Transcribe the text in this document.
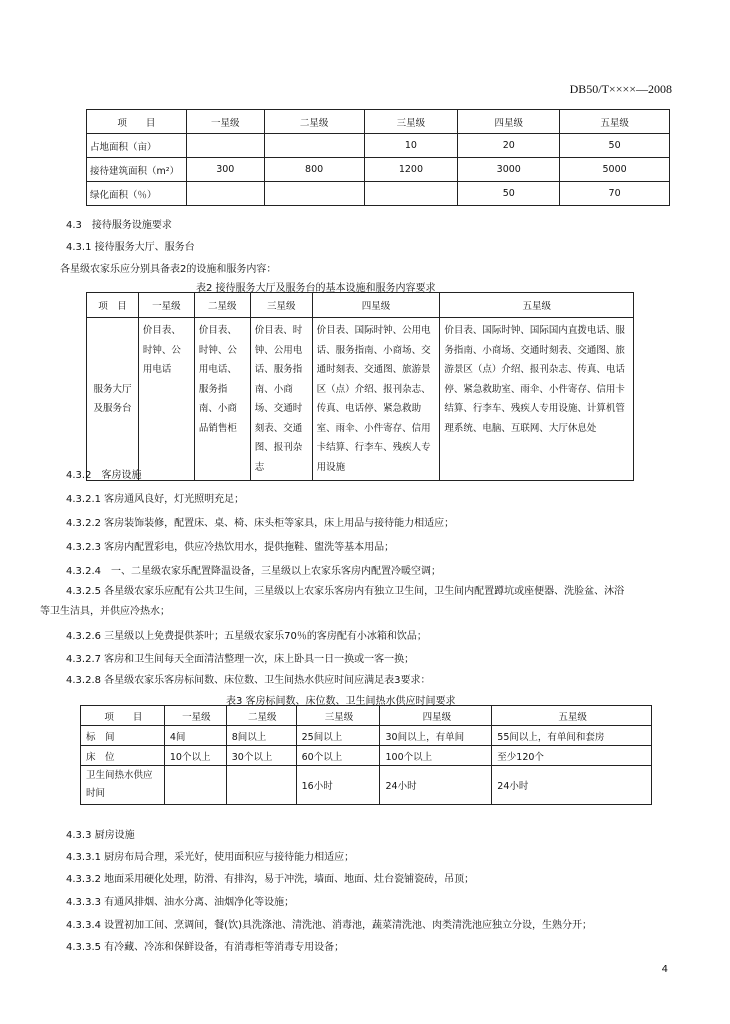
DB50/T××××—2008
项　　目	一星级	二星级	三星级	四星级	五星级
占地面积（亩）			10	20	50
接待建筑面积（m²）	300	800	1200	3000	5000
绿化面积（％）				50	70
4.3　接待服务设施要求
4.3.1 接待服务大厅、服务台
各星级农家乐应分别具备表2的设施和服务内容：
表2 接待服务大厅及服务台的基本设施和服务内容要求
项　目	一星级	二星级	三星级	四星级	五星级
服务大厅及服务台	价目表、时钟、公用电话	价目表、时钟、公用电话、服务指南、小商品销售柜	价目表、时钟、公用电话、服务指南、小商场、交通时刻表、交通图、报刊杂志	价目表、国际时钟、公用电话、服务指南、小商场、交通时刻表、交通图、旅游景区（点）介绍、报刊杂志、传真、电话停、紧急救助室、雨伞、小件寄存、信用卡结算、行李车、残疾人专用设施	价目表、国际时钟、国际国内直拨电话、服务指南、小商场、交通时刻表、交通图、旅游景区（点）介绍、报刊杂志、传真、电话停、紧急救助室、雨伞、小件寄存、信用卡结算、行李车、残疾人专用设施、计算机管理系统、电脑、互联网、大厅休息处
4.3.2　客房设施
4.3.2.1 客房通风良好，灯光照明充足；
4.3.2.2 客房装饰装修，配置床、桌、椅、床头柜等家具，床上用品与接待能力相适应；
4.3.2.3 客房内配置彩电，供应冷热饮用水，提供拖鞋、盥洗等基本用品；
4.3.2.4　一、二星级农家乐配置降温设备，三星级以上农家乐客房内配置冷暖空调；
4.3.2.5 各星级农家乐应配有公共卫生间，三星级以上农家乐客房内有独立卫生间，卫生间内配置蹲坑或座便器、洗脸盆、沐浴
等卫生洁具，并供应冷热水；
4.3.2.6 三星级以上免费提供茶叶；五星级农家乐70％的客房配有小冰箱和饮品；
4.3.2.7 客房和卫生间每天全面清洁整理一次，床上卧具一日一换或一客一换；
4.3.2.8 各星级农家乐客房标间数、床位数、卫生间热水供应时间应满足表3要求：
表3 客房标间数、床位数、卫生间热水供应时间要求
项　　目	一星级	二星级	三星级	四星级	五星级
标　间	4间	8间以上	25间以上	30间以上，有单间	55间以上，有单间和套房
床　位	10个以上	30个以上	60个以上	100个以上	至少120个
卫生间热水供应时间			16小时	24小时	24小时
4.3.3 厨房设施
4.3.3.1 厨房布局合理，采光好，使用面积应与接待能力相适应；
4.3.3.2 地面采用硬化处理，防滑、有排沟，易于冲洗，墙面、地面、灶台瓷铺瓷砖，吊顶；
4.3.3.3 有通风排烟、油水分离、油烟净化等设施；
4.3.3.4 设置初加工间、烹调间，餐(饮)具洗涤池、清洗池、消毒池，蔬菜清洗池、肉类清洗池应独立分设，生熟分开；
4.3.3.5 有冷藏、冷冻和保鲜设备，有消毒柜等消毒专用设备；
4
